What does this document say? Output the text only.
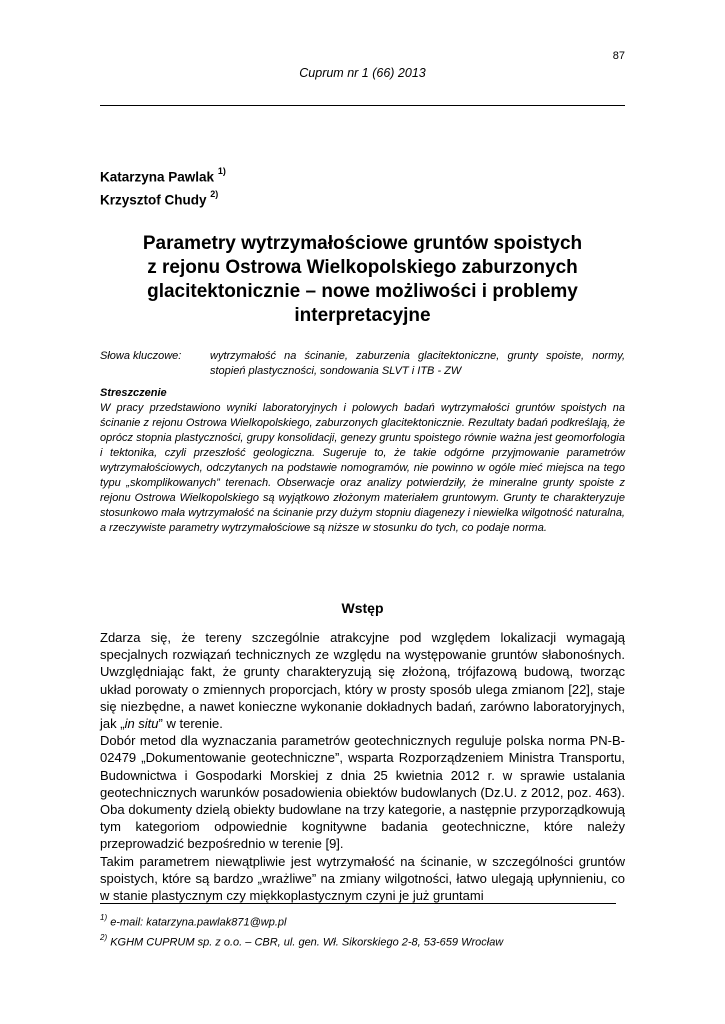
87
Cuprum nr 1 (66) 2013
Katarzyna Pawlak $^{1)}$
Krzysztof Chudy $^{2)}$
Parametry wytrzymałościowe gruntów spoistych
z rejonu Ostrowa Wielkopolskiego zaburzonych
glacitektonicznie – nowe możliwości i problemy
interpretacyjne
Słowa kluczowe:	wytrzymałość na ścinanie, zaburzenia glacitektoniczne, grunty spoiste, normy, stopień plastyczności, sondowania SLVT i ITB - ZW
Streszczenie

W pracy przedstawiono wyniki laboratoryjnych i polowych badań wytrzymałości gruntów spoistych na ścinanie z rejonu Ostrowa Wielkopolskiego, zaburzonych glacitektonicznie. Rezultaty badań podkreślają, że oprócz stopnia plastyczności, grupy konsolidacji, genezy gruntu spoistego równie ważna jest geomorfologia i tektonika, czyli przeszłość geologiczna. Sugeruje to, że takie odgórne przyjmowanie parametrów wytrzymałościowych, odczytanych na podstawie nomogramów, nie powinno w ogóle mieć miejsca na tego typu „skomplikowanych” terenach. Obserwacje oraz analizy potwierdziły, że mineralne grunty spoiste z rejonu Ostrowa Wielkopolskiego są wyjątkowo złożonym materiałem gruntowym. Grunty te charakteryzuje stosunkowo mała wytrzymałość na ścinanie przy dużym stopniu diagenezy i niewielka wilgotność naturalna, a rzeczywiste parametry wytrzymałościowe są niższe w stosunku do tych, co podaje norma.

Wstęp

Zdarza się, że tereny szczególnie atrakcyjne pod względem lokalizacji wymagają specjalnych rozwiązań technicznych ze względu na występowanie gruntów słabonośnych. Uwzględniając fakt, że grunty charakteryzują się złożoną, trójfazową budową, tworząc układ porowaty o zmiennych proporcjach, który w prosty sposób ulega zmianom [22], staje się niezbędne, a nawet konieczne wykonanie dokładnych badań, zarówno laboratoryjnych, jak „in situ” w terenie.

Dobór metod dla wyznaczania parametrów geotechnicznych reguluje polska norma PN-B-02479 „Dokumentowanie geotechniczne”, wsparta Rozporządzeniem Ministra Transportu, Budownictwa i Gospodarki Morskiej z dnia 25 kwietnia 2012 r. w sprawie ustalania geotechnicznych warunków posadowienia obiektów budowlanych (Dz.U. z 2012, poz. 463). Oba dokumenty dzielą obiekty budowlane na trzy kategorie, a następnie przyporządkowują tym kategoriom odpowiednie kognitywne badania geotechniczne, które należy przeprowadzić bezpośrednio w terenie [9].

Takim parametrem niewątpliwie jest wytrzymałość na ścinanie, w szczególności gruntów spoistych, które są bardzo „wrażliwe” na zmiany wilgotności, łatwo ulegają upłynnieniu, co w stanie plastycznym czy miękkoplastycznym czyni je już gruntami

$^{1)}$ e-mail: katarzyna.pawlak871@wp.pl
$^{2)}$ KGHM CUPRUM sp. z o.o. – CBR, ul. gen. Wł. Sikorskiego 2-8, 53-659 Wrocław
